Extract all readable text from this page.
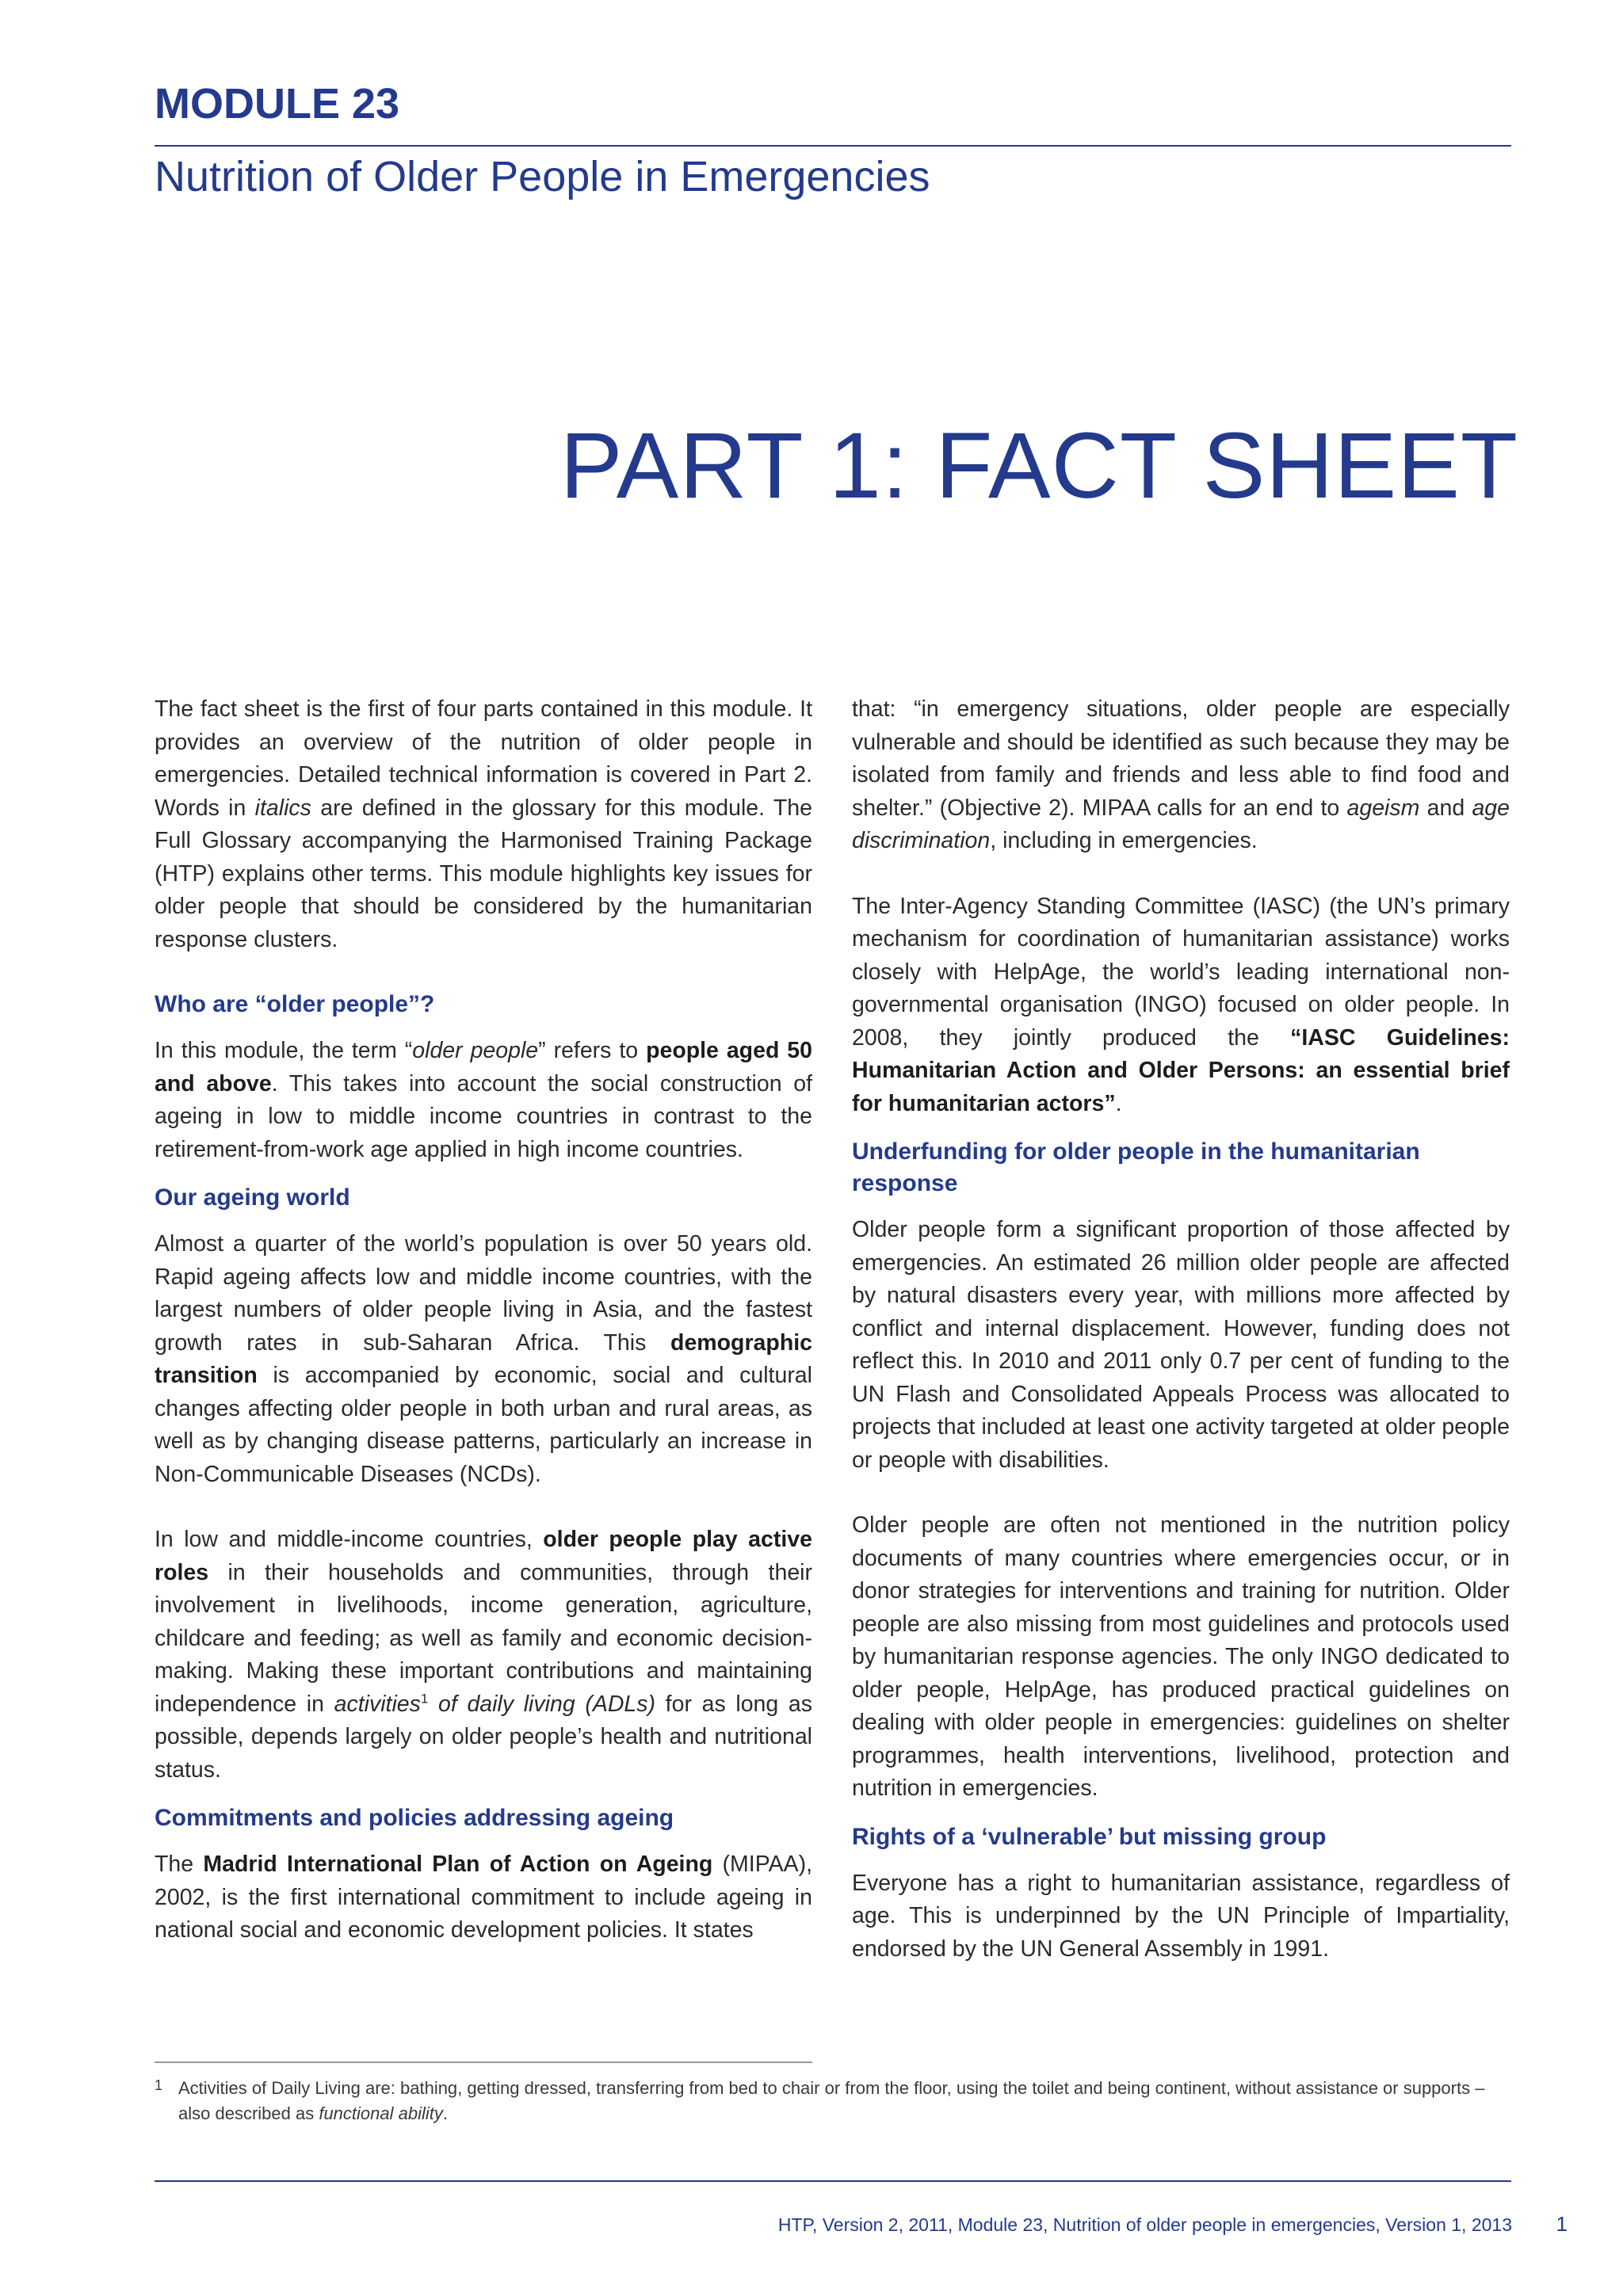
MODULE 23
Nutrition of Older People in Emergencies
PART 1: FACT SHEET

The fact sheet is the first of four parts contained in this module. It provides an overview of the nutrition of older people in emergencies. Detailed technical information is covered in Part 2. Words in italics are defined in the glossary for this module. The Full Glossary accompanying the Harmonised Training Package (HTP) explains other terms. This module highlights key issues for older people that should be considered by the humanitarian response clusters.

Who are “older people”?

In this module, the term “older people” refers to people aged 50 and above. This takes into account the social construction of ageing in low to middle income countries in contrast to the retirement-from-work age applied in high income countries.

Our ageing world

Almost a quarter of the world’s population is over 50 years old. Rapid ageing affects low and middle income countries, with the largest numbers of older people living in Asia, and the fastest growth rates in sub-Saharan Africa. This demographic transition is accompanied by economic, social and cultural changes affecting older people in both urban and rural areas, as well as by changing disease patterns, particularly an increase in Non-Communicable Diseases (NCDs).

In low and middle-income countries, older people play active roles in their households and communities, through their involvement in livelihoods, income generation, agriculture, childcare and feeding; as well as family and economic decision-making. Making these important contributions and maintaining independence in activities$^1$ of daily living (ADLs) for as long as possible, depends largely on older people’s health and nutritional status.

Commitments and policies addressing ageing

The Madrid International Plan of Action on Ageing (MIPAA), 2002, is the first international commitment to include ageing in national social and economic development policies. It states

that: “in emergency situations, older people are especially vulnerable and should be identified as such because they may be isolated from family and friends and less able to find food and shelter.” (Objective 2). MIPAA calls for an end to ageism and age discrimination, including in emergencies.

The Inter-Agency Standing Committee (IASC) (the UN’s primary mechanism for coordination of humanitarian assistance) works closely with HelpAge, the world’s leading international non-governmental organisation (INGO) focused on older people. In 2008, they jointly produced the “IASC Guidelines: Humanitarian Action and Older Persons: an essential brief for humanitarian actors”.

Underfunding for older people in the humanitarian response

Older people form a significant proportion of those affected by emergencies. An estimated 26 million older people are affected by natural disasters every year, with millions more affected by conflict and internal displacement. However, funding does not reflect this. In 2010 and 2011 only 0.7 per cent of funding to the UN Flash and Consolidated Appeals Process was allocated to projects that included at least one activity targeted at older people or people with disabilities.

Older people are often not mentioned in the nutrition policy documents of many countries where emergencies occur, or in donor strategies for interventions and training for nutrition. Older people are also missing from most guidelines and protocols used by humanitarian response agencies. The only INGO dedicated to older people, HelpAge, has produced practical guidelines on dealing with older people in emergencies: guidelines on shelter programmes, health interventions, livelihood, protection and nutrition in emergencies.

Rights of a ‘vulnerable’ but missing group

Everyone has a right to humanitarian assistance, regardless of age. This is underpinned by the UN Principle of Impartiality, endorsed by the UN General Assembly in 1991.

1 Activities of Daily Living are: bathing, getting dressed, transferring from bed to chair or from the floor, using the toilet and being continent, without assistance or supports – also described as functional ability.
HTP, Version 2, 2011, Module 23, Nutrition of older people in emergencies, Version 1, 2013 1
